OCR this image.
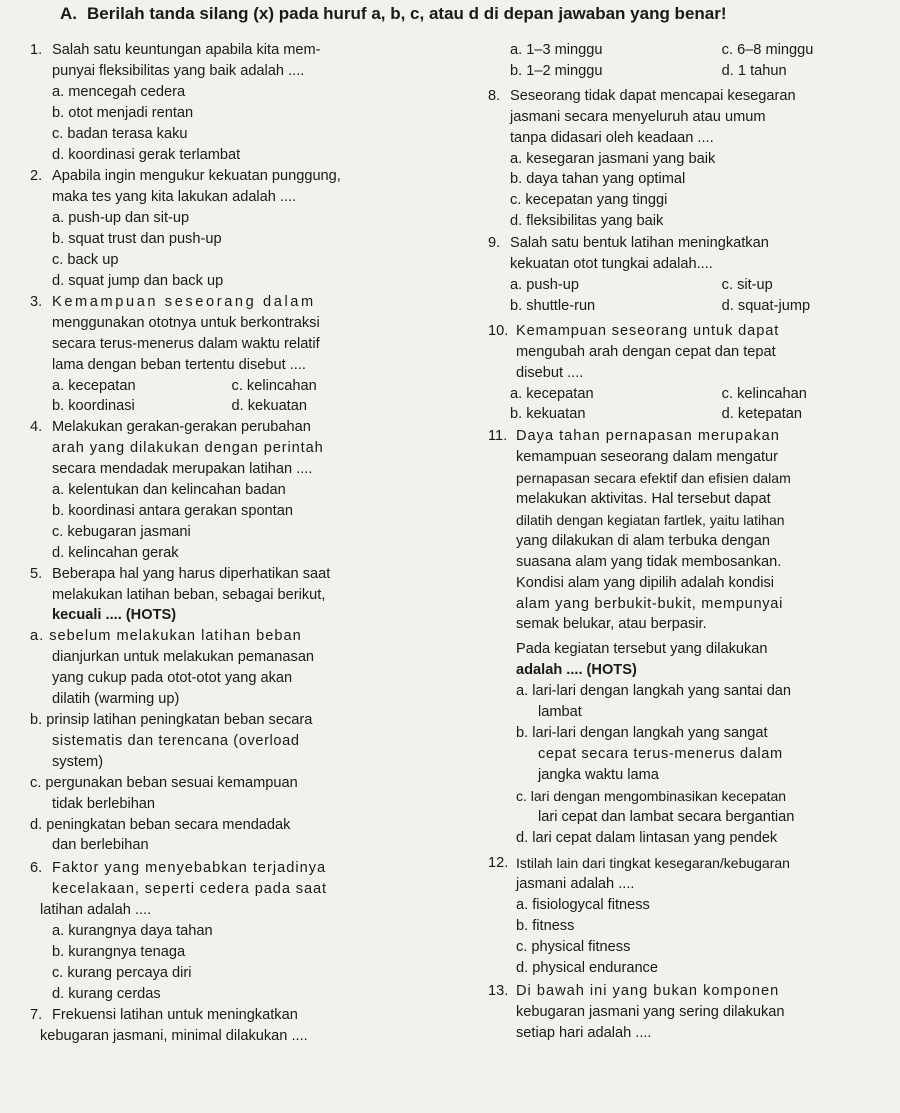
A. Berilah tanda silang (x) pada huruf a, b, c, atau d di depan jawaban yang benar!
1. Salah satu keuntungan apabila kita mem-
punyai fleksibilitas yang baik adalah ....
a. mencegah cedera
b. otot menjadi rentan
c. badan terasa kaku
d. koordinasi gerak terlambat
2. Apabila ingin mengukur kekuatan punggung,
maka tes yang kita lakukan adalah ....
a. push-up dan sit-up
b. squat trust dan push-up
c. back up
d. squat jump dan back up
3. Kemampuan seseorang dalam
menggunakan ototnya untuk berkontraksi
secara terus-menerus dalam waktu relatif
lama dengan beban tertentu disebut ....
a. kecepatan	c. kelincahan
b. koordinasi	d. kekuatan
4. Melakukan gerakan-gerakan perubahan
arah yang dilakukan dengan perintah
secara mendadak merupakan latihan ....
a. kelentukan dan kelincahan badan
b. koordinasi antara gerakan spontan
c. kebugaran jasmani
d. kelincahan gerak
5. Beberapa hal yang harus diperhatikan saat
melakukan latihan beban, sebagai berikut,
kecuali .... (HOTS)
a. sebelum melakukan latihan beban
dianjurkan untuk melakukan pemanasan
yang cukup pada otot-otot yang akan
dilatih (warming up)
b. prinsip latihan peningkatan beban secara
sistematis dan terencana (overload
system)
c. pergunakan beban sesuai kemampuan
tidak berlebihan
d. peningkatan beban secara mendadak
dan berlebihan
6. Faktor yang menyebabkan terjadinya
kecelakaan, seperti cedera pada saat
latihan adalah ....
a. kurangnya daya tahan
b. kurangnya tenaga
c. kurang percaya diri
d. kurang cerdas
7. Frekuensi latihan untuk meningkatkan
kebugaran jasmani, minimal dilakukan ....
a. 1–3 minggu	c. 6–8 minggu
b. 1–2 minggu	d. 1 tahun
8. Seseorang tidak dapat mencapai kesegaran
jasmani secara menyeluruh atau umum
tanpa didasari oleh keadaan ....
a. kesegaran jasmani yang baik
b. daya tahan yang optimal
c. kecepatan yang tinggi
d. fleksibilitas yang baik
9. Salah satu bentuk latihan meningkatkan
kekuatan otot tungkai adalah....
a. push-up	c. sit-up
b. shuttle-run	d. squat-jump
10. Kemampuan seseorang untuk dapat
mengubah arah dengan cepat dan tepat
disebut ....
a. kecepatan	c. kelincahan
b. kekuatan	d. ketepatan
11. Daya tahan pernapasan merupakan
kemampuan seseorang dalam mengatur
pernapasan secara efektif dan efisien dalam
melakukan aktivitas. Hal tersebut dapat
dilatih dengan kegiatan fartlek, yaitu latihan
yang dilakukan di alam terbuka dengan
suasana alam yang tidak membosankan.
Kondisi alam yang dipilih adalah kondisi
alam yang berbukit-bukit, mempunyai
semak belukar, atau berpasir.
Pada kegiatan tersebut yang dilakukan
adalah .... (HOTS)
a. lari-lari dengan langkah yang santai dan
lambat
b. lari-lari dengan langkah yang sangat
cepat secara terus-menerus dalam
jangka waktu lama
c. lari dengan mengombinasikan kecepatan
lari cepat dan lambat secara bergantian
d. lari cepat dalam lintasan yang pendek
12. Istilah lain dari tingkat kesegaran/kebugaran
jasmani adalah ....
a. fisiologycal fitness
b. fitness
c. physical fitness
d. physical endurance
13. Di bawah ini yang bukan komponen
kebugaran jasmani yang sering dilakukan
setiap hari adalah ....
